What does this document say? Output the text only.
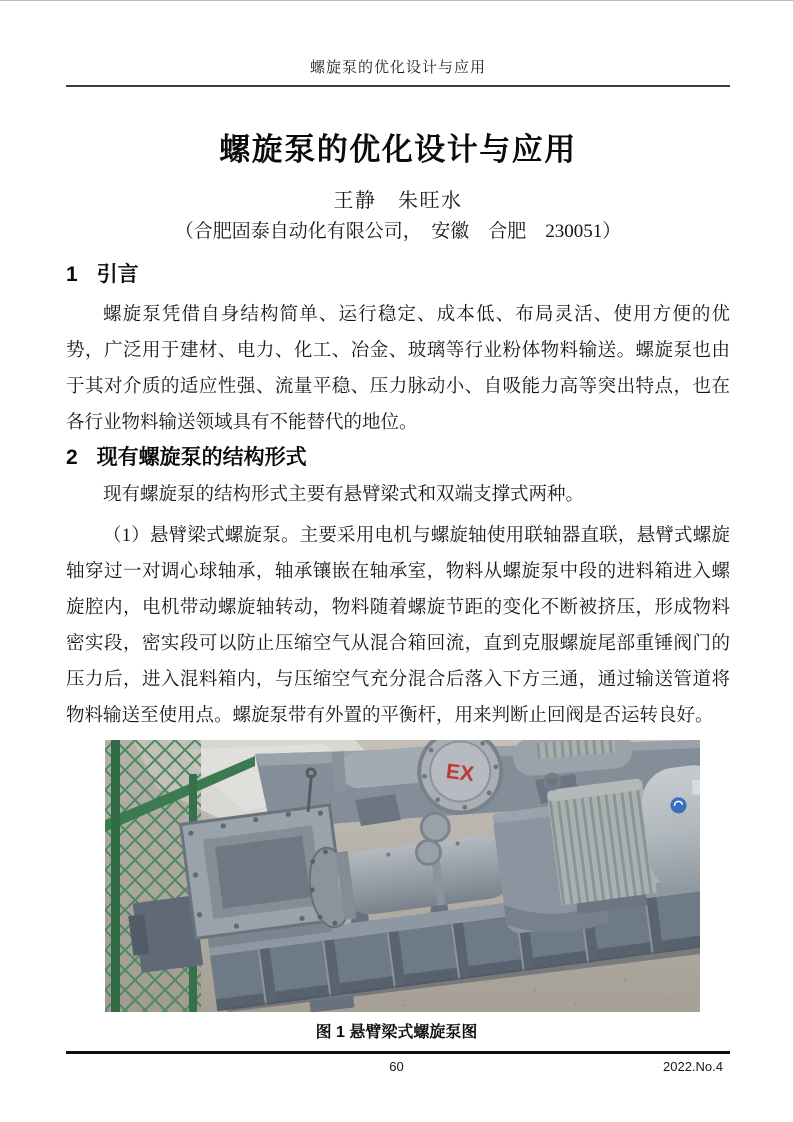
螺旋泵的优化设计与应用
螺旋泵的优化设计与应用
王静　朱旺水
（合肥固泰自动化有限公司，　安徽　合肥　230051）
1 引言

螺旋泵凭借自身结构简单、运行稳定、成本低、布局灵活、使用方便的优势，广泛用于建材、电力、化工、冶金、玻璃等行业粉体物料输送。螺旋泵也由于其对介质的适应性强、流量平稳、压力脉动小、自吸能力高等突出特点，也在各行业物料输送领域具有不能替代的地位。

2 现有螺旋泵的结构形式

现有螺旋泵的结构形式主要有悬臂梁式和双端支撑式两种。

（1）悬臂梁式螺旋泵。主要采用电机与螺旋轴使用联轴器直联，悬臂式螺旋轴穿过一对调心球轴承，轴承镶嵌在轴承室，物料从螺旋泵中段的进料箱进入螺旋腔内，电机带动螺旋轴转动，物料随着螺旋节距的变化不断被挤压，形成物料密实段，密实段可以防止压缩空气从混合箱回流，直到克服螺旋尾部重锤阀门的压力后，进入混料箱内，与压缩空气充分混合后落入下方三通，通过输送管道将物料输送至使用点。螺旋泵带有外置的平衡杆，用来判断止回阀是否运转良好。

EX
图 1 悬臂梁式螺旋泵图
60	2022.No.4
